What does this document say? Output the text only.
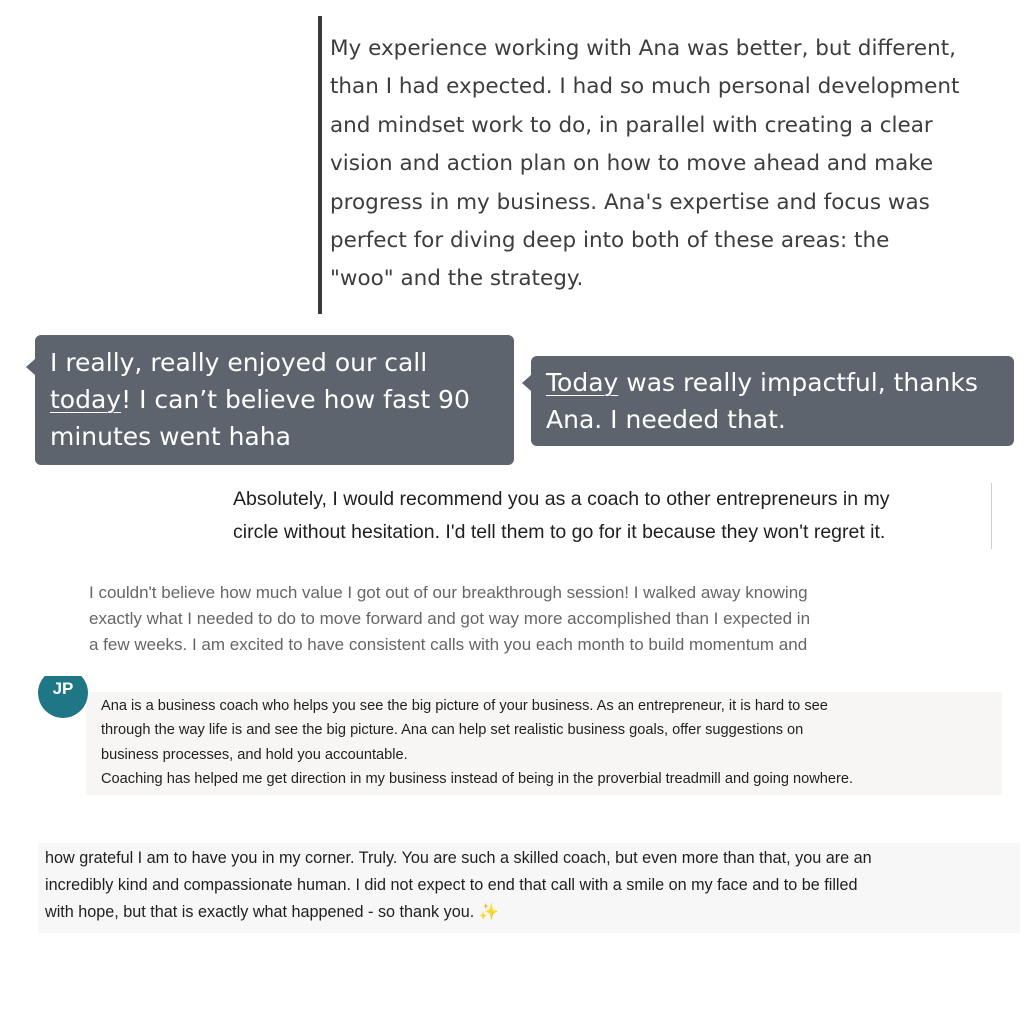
My experience working with Ana was better, but different,

than I had expected. I had so much personal development

and mindset work to do, in parallel with creating a clear

vision and action plan on how to move ahead and make

progress in my business. Ana's expertise and focus was

perfect for diving deep into both of these areas: the

"woo" and the strategy.

I really, really enjoyed our call

today! I can’t believe how fast 90

minutes went haha

Today was really impactful, thanks

Ana. I needed that.

Absolutely, I would recommend you as a coach to other entrepreneurs in my

circle without hesitation. I'd tell them to go for it because they won't regret it.

I couldn't believe how much value I got out of our breakthrough session! I walked away knowing

exactly what I needed to do to move forward and got way more accomplished than I expected in

a few weeks. I am excited to have consistent calls with you each month to build momentum and

JP

Ana is a business coach who helps you see the big picture of your business. As an entrepreneur, it is hard to see

through the way life is and see the big picture. Ana can help set realistic business goals, offer suggestions on

business processes, and hold you accountable.

Coaching has helped me get direction in my business instead of being in the proverbial treadmill and going nowhere.

how grateful I am to have you in my corner. Truly. You are such a skilled coach, but even more than that, you are an

incredibly kind and compassionate human. I did not expect to end that call with a smile on my face and to be filled

with hope, but that is exactly what happened - so thank you. ✨
